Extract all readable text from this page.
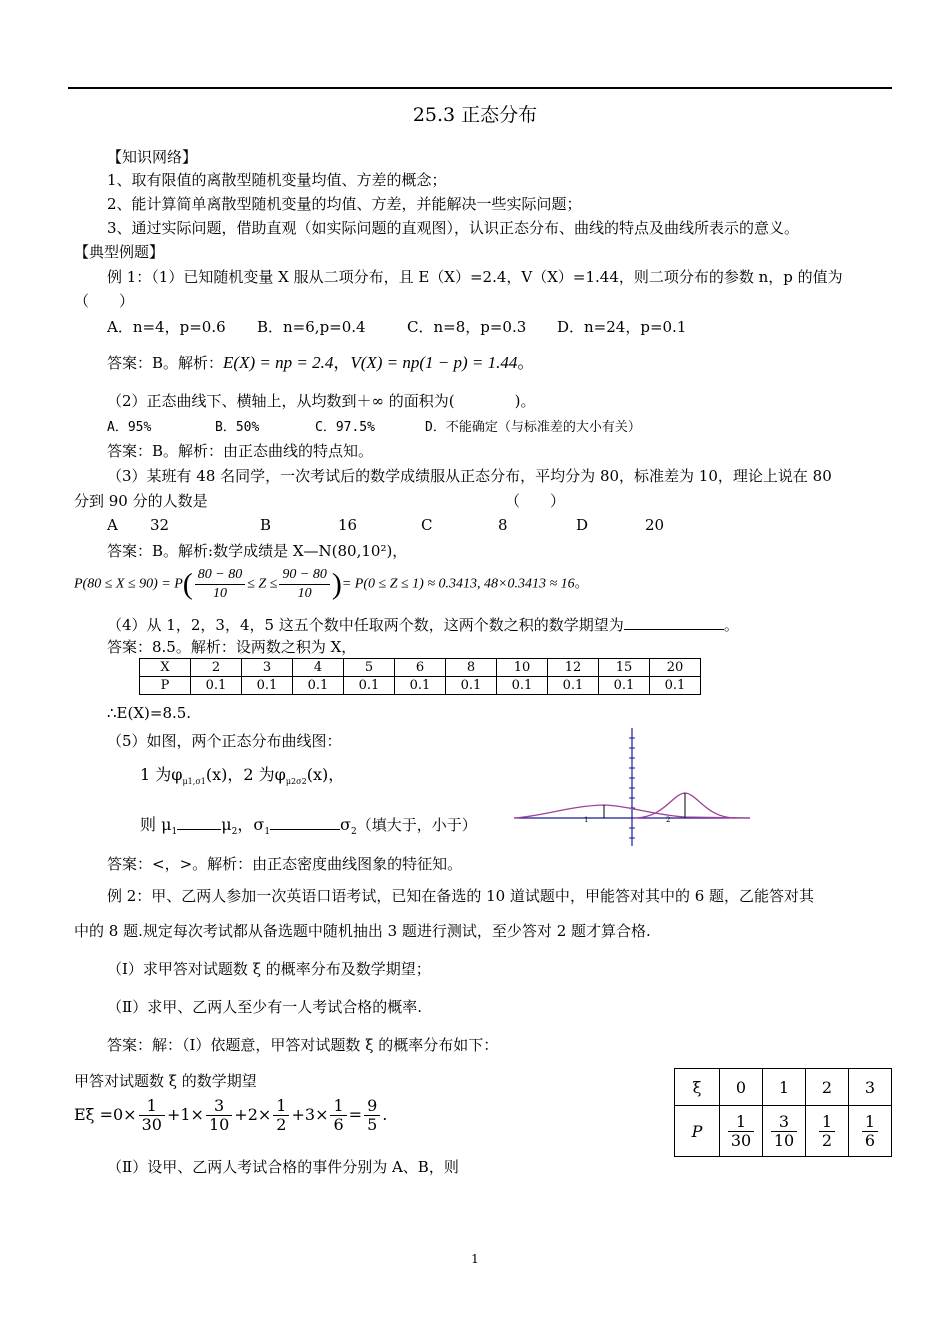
25.3 正态分布
【知识网络】
1、取有限值的离散型随机变量均值、方差的概念；
2、能计算简单离散型随机变量的均值、方差，并能解决一些实际问题；
3、通过实际问题，借助直观（如实际问题的直观图），认识正态分布、曲线的特点及曲线所表示的意义。
【典型例题】
例 1：（1）已知随机变量 X 服从二项分布，且 E（X）=2.4，V（X）=1.44，则二项分布的参数 n，p 的值为
（　　）
A．n=4，p=0.6 B．n=6,p=0.4	C．n=8，p=0.3 D．n=24，p=0.1
答案：B。解析：E(X) = np = 2.4，V(X) = np(1 − p) = 1.44。
（2）正态曲线下、横轴上，从均数到＋∞ 的面积为(　　　　)。
A．95%	B．50%	C．97.5%	D．不能确定（与标准差的大小有关）
答案：B。解析：由正态曲线的特点知。
（3）某班有 48 名同学，一次考试后的数学成绩服从正态分布，平均分为 80，标准差为 10，理论上说在 80
分到 90 分的人数是	（　　）
A 32	B	16	C	8	D	20
答案：B。解析:数学成绩是 X—N(80,10²)，
$P(80 \le X \le 90) = P( \frac{80 - 80}{10} \le Z \le \frac{90 - 80}{10}$ )= P(0 ≤ Z ≤ 1) ≈ 0.3413, 48×0.3413 ≈ 16。
（4）从 1，2，3，4，5 这五个数中任取两个数，这两个数之积的数学期望为	。
答案：8.5。解析：设两数之积为 X，
X	2	3	4	5	6	8	10	12	15	20
P	0.1	0.1	0.1	0.1	0.1	0.1	0.1	0.1	0.1	0.1
∴E(X)=8.5.
（5）如图，两个正态分布曲线图：
1 为$\varphi_{\mu 1,\sigma 1}(x)$，2 为$\varphi_{\mu 2\sigma 2}(x)$，
则 $\mu_1$	$\mu_2$，$\sigma_1$	$\sigma_2$（填大于，小于）	1	2
答案：<，>。解析：由正态密度曲线图象的特征知。
例 2：甲、乙两人参加一次英语口语考试，已知在备选的 10 道试题中，甲能答对其中的 6 题，乙能答对其
中的 8 题.规定每次考试都从备选题中随机抽出 3 题进行测试，至少答对 2 题才算合格.
（Ⅰ）求甲答对试题数 ξ 的概率分布及数学期望；
（Ⅱ）求甲、乙两人至少有一人考试合格的概率.
答案：解：（Ⅰ）依题意，甲答对试题数 ξ 的概率分布如下：
甲答对试题数 ξ 的数学期望
$E\xi =0\times \frac{1}{30} +1\times \frac{3}{10} +2\times \frac{1}{2} +3\times \frac{1}{6} = \frac{9}{5}$ .
ξ	0	1	2	3
P	$\frac{1}{30}$	$\frac{3}{10}$	$\frac{1}{2}$	$\frac{1}{6}$
（Ⅱ）设甲、乙两人考试合格的事件分别为 A、B，则
1
